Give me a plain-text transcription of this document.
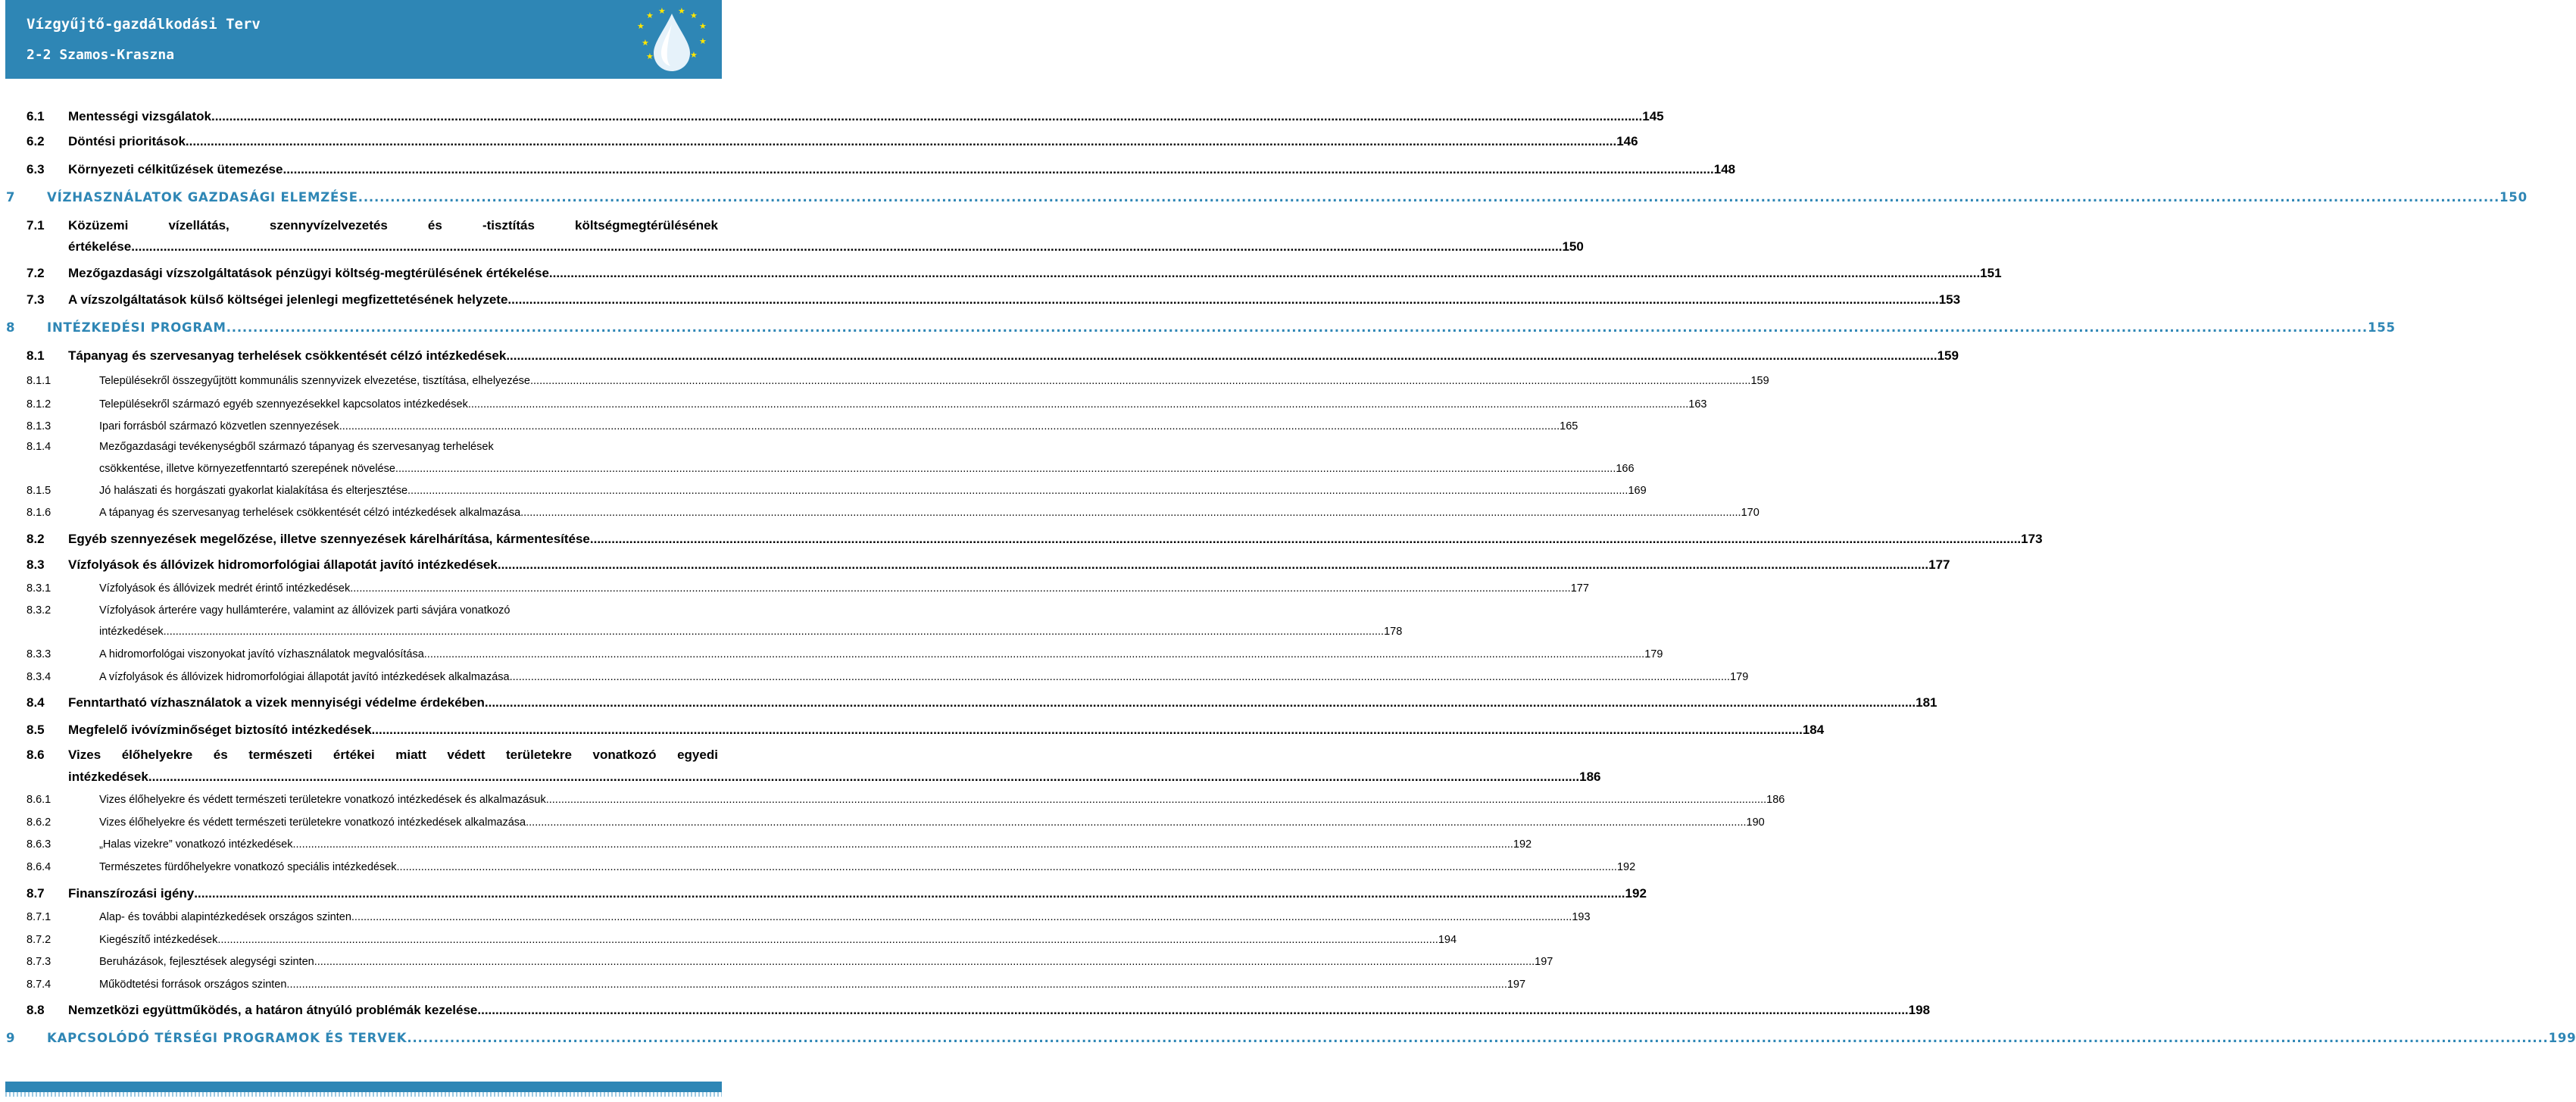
Vízgyűjtő-gazdálkodási Terv
2-2 Szamos-Kraszna
★
★ ★ ★ ★
★
★
★
★
★
6.1 Mentességi vizsgálatok ................................................................................................................................................................................................................................................................................................................................................................................................................ 145
6.2 Döntési prioritások ................................................................................................................................................................................................................................................................................................................................................................................................................ 146
6.3 Környezeti célkitűzések ütemezése ................................................................................................................................................................................................................................................................................................................................................................................................................ 148
7	VÍZHASZNÁLATOK GAZDASÁGI ELEMZÉSE ................................................................................................................................................................................................................................................................................................................................................................................................................ 150
7.1 Közüzemi	vízellátás,	szennyvízelvezetés	és	-tisztítás	költségmegtérülésének
értékelése ................................................................................................................................................................................................................................................................................................................................................................................................................ 150
7.2 Mezőgazdasági vízszolgáltatások pénzügyi költség-megtérülésének értékelése ................................................................................................................................................................................................................................................................................................................................................................................................................ 151
7.3 A vízszolgáltatások külső költségei jelenlegi megfizettetésének helyzete ................................................................................................................................................................................................................................................................................................................................................................................................................ 153
8	INTÉZKEDÉSI PROGRAM ................................................................................................................................................................................................................................................................................................................................................................................................................ 155
8.1 Tápanyag és szervesanyag terhelések csökkentését célzó intézkedések ................................................................................................................................................................................................................................................................................................................................................................................................................ 159
8.1.1	Településekről összegyűjtött kommunális szennyvizek elvezetése, tisztítása, elhelyezése ................................................................................................................................................................................................................................................................................................................................................................................................................ 159
8.1.2	Településekről származó egyéb szennyezésekkel kapcsolatos intézkedések ................................................................................................................................................................................................................................................................................................................................................................................................................ 163
8.1.3	Ipari forrásból származó közvetlen szennyezések ................................................................................................................................................................................................................................................................................................................................................................................................................ 165
8.1.4	Mezőgazdasági tevékenységből származó tápanyag és szervesanyag terhelések
csökkentése, illetve környezetfenntartó szerepének növelése ................................................................................................................................................................................................................................................................................................................................................................................................................ 166
8.1.5	Jó halászati és horgászati gyakorlat kialakítása és elterjesztése ................................................................................................................................................................................................................................................................................................................................................................................................................ 169
8.1.6	A tápanyag és szervesanyag terhelések csökkentését célzó intézkedések alkalmazása ................................................................................................................................................................................................................................................................................................................................................................................................................ 170
8.2 Egyéb szennyezések megelőzése, illetve szennyezések kárelhárítása, kármentesítése ................................................................................................................................................................................................................................................................................................................................................................................................................ 173
8.3 Vízfolyások és állóvizek hidromorfológiai állapotát javító intézkedések ................................................................................................................................................................................................................................................................................................................................................................................................................ 177
8.3.1	Vízfolyások és állóvizek medrét érintő intézkedések ................................................................................................................................................................................................................................................................................................................................................................................................................ 177
8.3.2	Vízfolyások árterére vagy hullámterére, valamint az állóvizek parti sávjára vonatkozó
intézkedések ................................................................................................................................................................................................................................................................................................................................................................................................................ 178
8.3.3	A hidromorfológai viszonyokat javító vízhasználatok megvalósítása ................................................................................................................................................................................................................................................................................................................................................................................................................ 179
8.3.4	A vízfolyások és állóvizek hidromorfológiai állapotát javító intézkedések alkalmazása ................................................................................................................................................................................................................................................................................................................................................................................................................ 179
8.4 Fenntartható vízhasználatok a vizek mennyiségi védelme érdekében ................................................................................................................................................................................................................................................................................................................................................................................................................ 181
8.5 Megfelelő ivóvízminőséget biztosító intézkedések ................................................................................................................................................................................................................................................................................................................................................................................................................ 184
8.6 Vizes élőhelyekre és természeti értékei miatt védett területekre vonatkozó egyedi
intézkedések ................................................................................................................................................................................................................................................................................................................................................................................................................ 186
8.6.1	Vizes élőhelyekre és védett természeti területekre vonatkozó intézkedések és alkalmazásuk ................................................................................................................................................................................................................................................................................................................................................................................................................ 186
8.6.2	Vizes élőhelyekre és védett természeti területekre vonatkozó intézkedések alkalmazása ................................................................................................................................................................................................................................................................................................................................................................................................................ 190
8.6.3	„Halas vizekre” vonatkozó intézkedések ................................................................................................................................................................................................................................................................................................................................................................................................................ 192
8.6.4	Természetes fürdőhelyekre vonatkozó speciális intézkedések ................................................................................................................................................................................................................................................................................................................................................................................................................ 192
8.7 Finanszírozási igény ................................................................................................................................................................................................................................................................................................................................................................................................................ 192
8.7.1	Alap- és további alapintézkedések országos szinten ................................................................................................................................................................................................................................................................................................................................................................................................................ 193
8.7.2	Kiegészítő intézkedések ................................................................................................................................................................................................................................................................................................................................................................................................................ 194
8.7.3	Beruházások, fejlesztések alegységi szinten ................................................................................................................................................................................................................................................................................................................................................................................................................ 197
8.7.4	Működtetési források országos szinten ................................................................................................................................................................................................................................................................................................................................................................................................................ 197
8.8 Nemzetközi együttműködés, a határon átnyúló problémák kezelése ................................................................................................................................................................................................................................................................................................................................................................................................................ 198
9	KAPCSOLÓDÓ TÉRSÉGI PROGRAMOK ÉS TERVEK ................................................................................................................................................................................................................................................................................................................................................................................................................ 199
